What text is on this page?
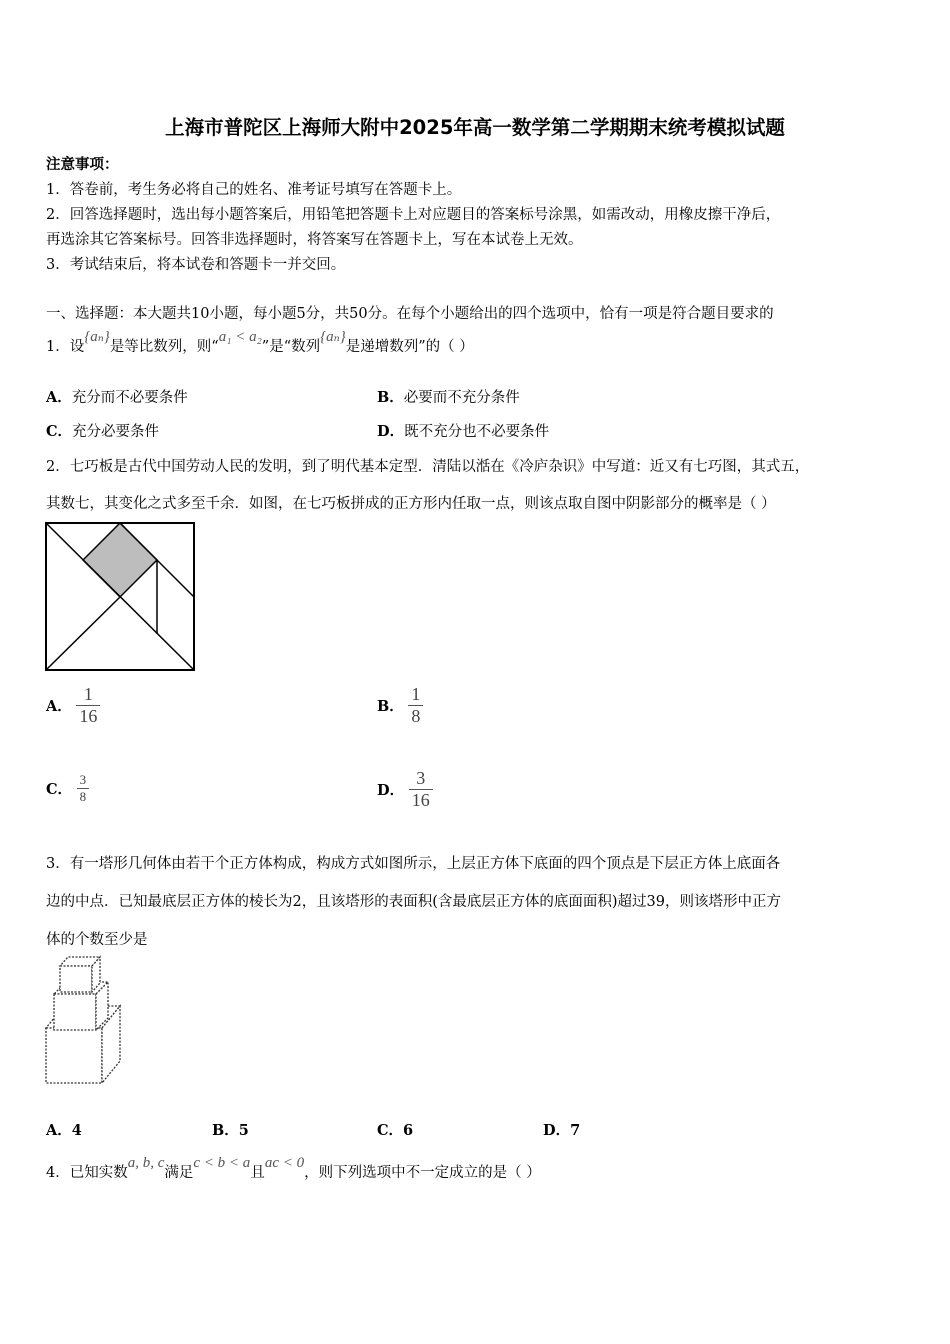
上海市普陀区上海师大附中2025年高一数学第二学期期末统考模拟试题
注意事项：
1．答卷前，考生务必将自己的姓名、准考证号填写在答题卡上。
2．回答选择题时，选出每小题答案后，用铅笔把答题卡上对应题目的答案标号涂黑，如需改动，用橡皮擦干净后，
再选涂其它答案标号。回答非选择题时，将答案写在答题卡上，写在本试卷上无效。
3．考试结束后，将本试卷和答题卡一并交回。
一、选择题：本大题共10小题，每小题5分，共50分。在每个小题给出的四个选项中，恰有一项是符合题目要求的
1．设{aₙ}是等比数列，则“a₁ < a₂”是“数列{aₙ}是递增数列”的（ ）
A．充分而不必要条件	B．必要而不充分条件
C．充分必要条件	D．既不充分也不必要条件
2．七巧板是古代中国劳动人民的发明，到了明代基本定型．清陆以湉在《冷庐杂识》中写道：近又有七巧图，其式五，
其数七，其变化之式多至千余．如图，在七巧板拼成的正方形内任取一点，则该点取自图中阴影部分的概率是（ ）
A． $\frac{1}{16}$	B． $\frac{1}{8}$
C． $\frac{3}{8}$	D． $\frac{3}{16}$
3．有一塔形几何体由若干个正方体构成，构成方式如图所示，上层正方体下底面的四个顶点是下层正方体上底面各
边的中点．已知最底层正方体的棱长为2，且该塔形的表面积(含最底层正方体的底面面积)超过39，则该塔形中正方
体的个数至少是
A．4	B．5	C．6	D．7
4．已知实数a, b, c满足c < b < a且ac < 0，则下列选项中不一定成立的是（ ）
